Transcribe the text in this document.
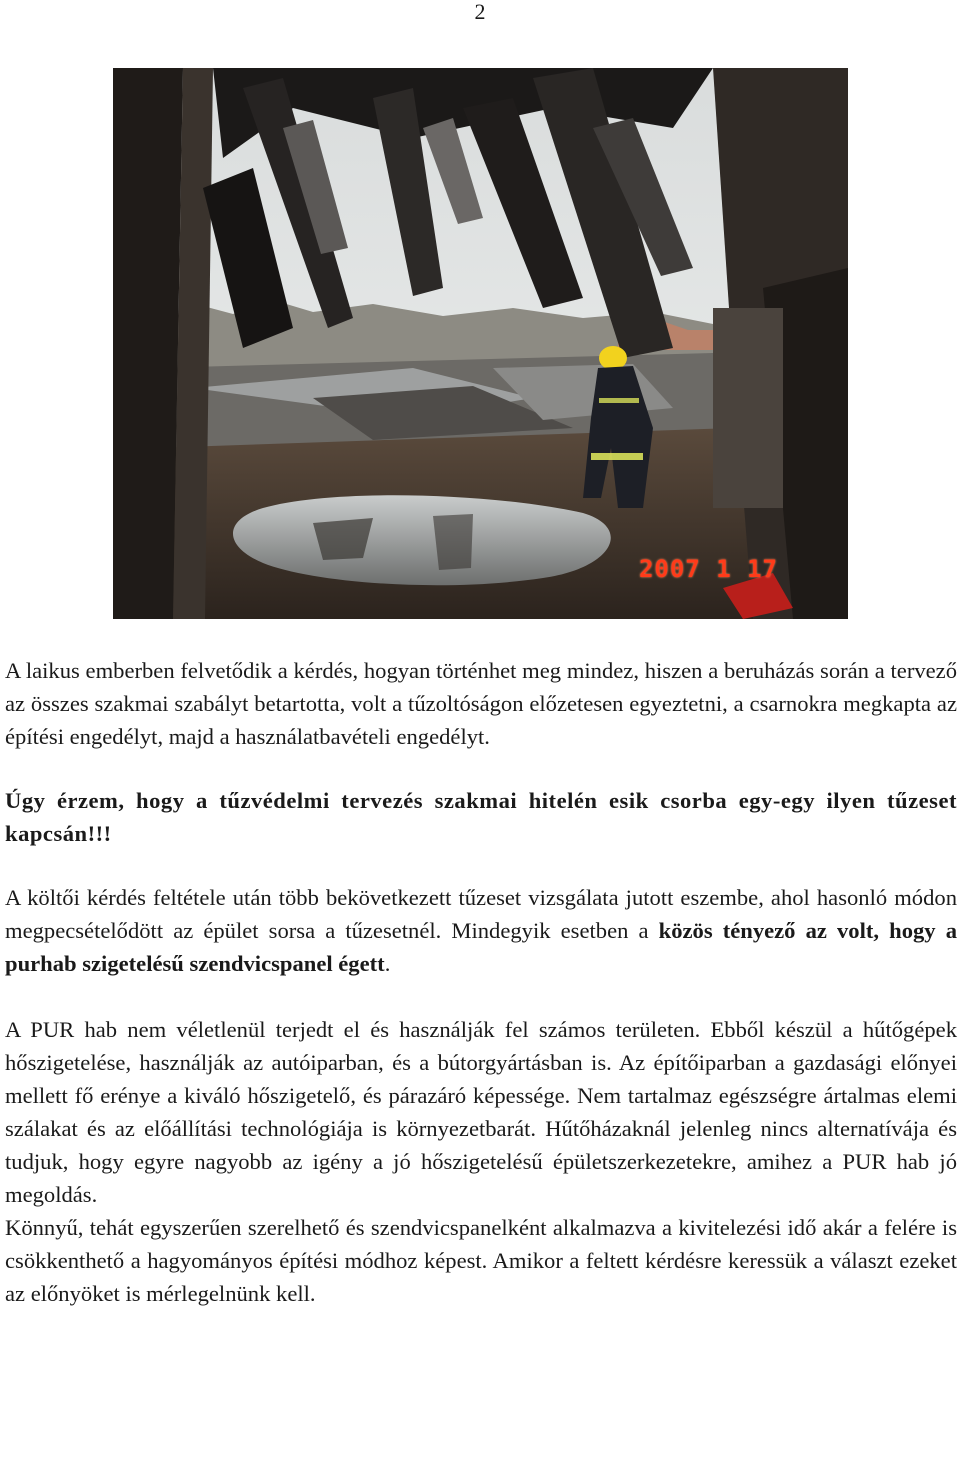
2
2007 1 17

A laikus emberben felvetődik a kérdés, hogyan történhet meg mindez, hiszen a beruházás során a tervező az összes szakmai szabályt betartotta, volt a tűzoltóságon előzetesen egyeztetni, a csarnokra megkapta az építési engedélyt, majd a használatbavételi engedélyt.

Úgy érzem, hogy a tűzvédelmi tervezés szakmai hitelén esik csorba egy-egy ilyen tűzeset kapcsán!!!

A költői kérdés feltétele után több bekövetkezett tűzeset vizsgálata jutott eszembe, ahol hasonló módon megpecsételődött az épület sorsa a tűzesetnél. Mindegyik esetben a közös tényező az volt, hogy a purhab szigetelésű szendvicspanel égett.

A PUR hab nem véletlenül terjedt el és használják fel számos területen. Ebből készül a hűtőgépek hőszigetelése, használják az autóiparban, és a bútorgyártásban is. Az építőiparban a gazdasági előnyei mellett fő erénye a kiváló hőszigetelő, és párazáró képessége. Nem tartalmaz egészségre ártalmas elemi szálakat és az előállítási technológiája is környezetbarát. Hűtőházaknál jelenleg nincs alternatívája és tudjuk, hogy egyre nagyobb az igény a jó hőszigetelésű épületszerkezetekre, amihez a PUR hab jó megoldás.

Könnyű, tehát egyszerűen szerelhető és szendvicspanelként alkalmazva a kivitelezési idő akár a felére is csökkenthető a hagyományos építési módhoz képest. Amikor a feltett kérdésre keressük a választ ezeket az előnyöket is mérlegelnünk kell.
